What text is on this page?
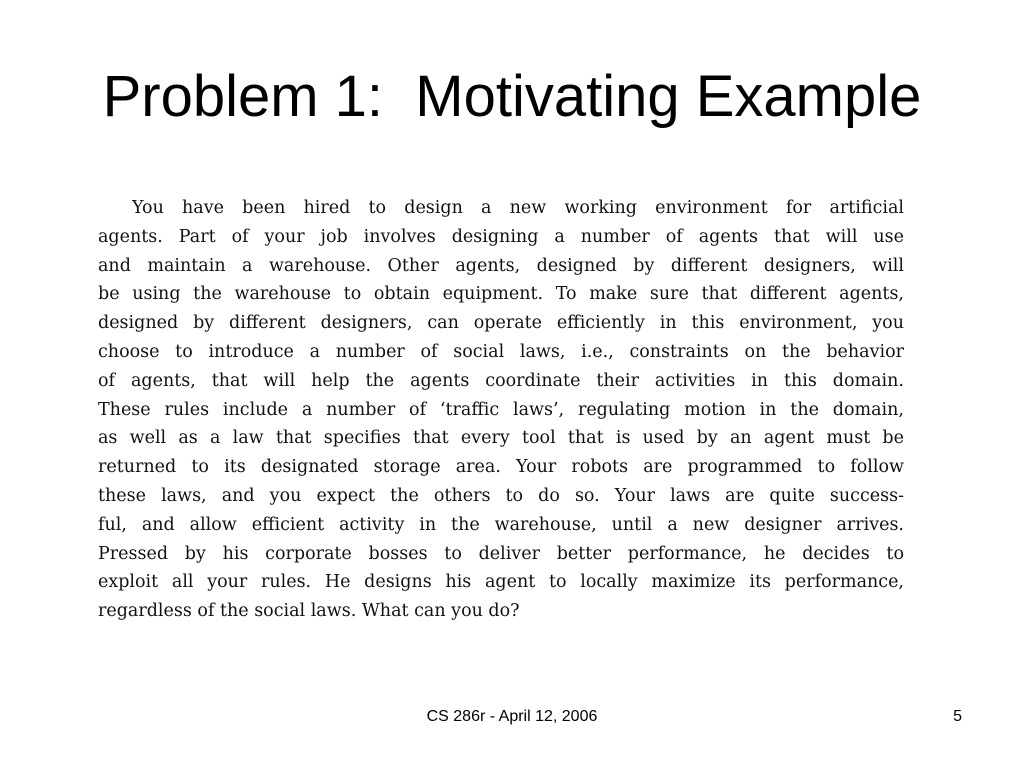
Problem 1:  Motivating Example
You have been hired to design a new working environment for artificial
agents. Part of your job involves designing a number of agents that will use
and maintain a warehouse. Other agents, designed by different designers, will
be using the warehouse to obtain equipment. To make sure that different agents,
designed by different designers, can operate efficiently in this environment, you
choose to introduce a number of social laws, i.e., constraints on the behavior
of agents, that will help the agents coordinate their activities in this domain.
These rules include a number of ‘traffic laws’, regulating motion in the domain,
as well as a law that specifies that every tool that is used by an agent must be
returned to its designated storage area. Your robots are programmed to follow
these laws, and you expect the others to do so. Your laws are quite success-
ful, and allow efficient activity in the warehouse, until a new designer arrives.
Pressed by his corporate bosses to deliver better performance, he decides to
exploit all your rules. He designs his agent to locally maximize its performance,
regardless of the social laws. What can you do?
CS 286r - April 12, 2006	5
